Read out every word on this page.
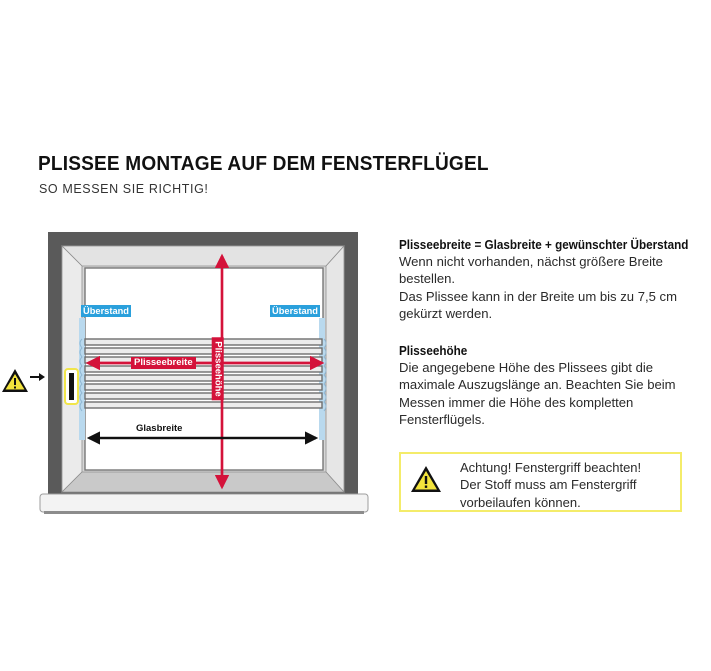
PLISSEE MONTAGE AUF DEM FENSTERFLÜGEL
SO MESSEN SIE RICHTIG!
Überstand	Überstand
Plisseebreite	Plisseehöhe
Glasbreite
Plisseebreite = Glasbreite + gewünschter Überstand

Wenn nicht vorhanden, nächst größere Breite

bestellen.

Das Plissee kann in der Breite um bis zu 7,5 cm

gekürzt werden.

Plisseehöhe

Die angegebene Höhe des Plissees gibt die

maximale Auszugslänge an. Beachten Sie beim

Messen immer die Höhe des kompletten

Fensterflügels.

Achtung! Fenstergriff beachten!
Der Stoff muss am Fenstergriff
vorbeilaufen können.
